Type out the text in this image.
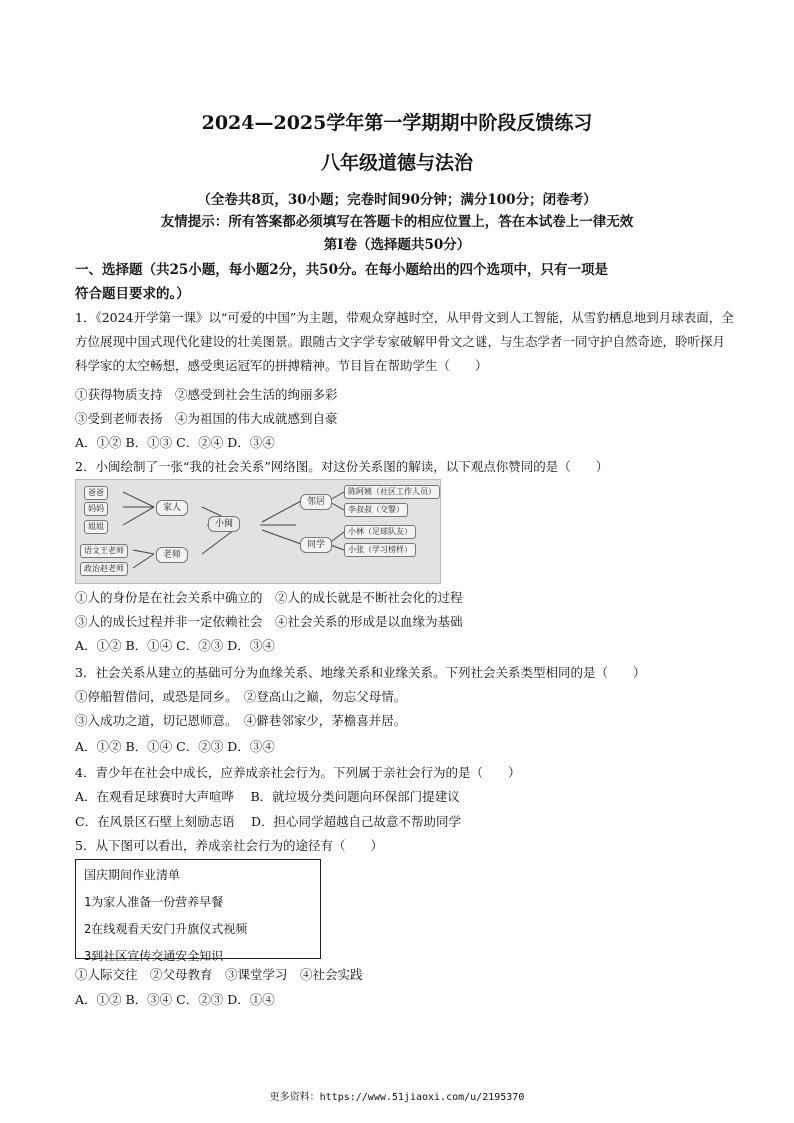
2024—2025学年第一学期期中阶段反馈练习
八年级道德与法治
（全卷共8页，30小题；完卷时间90分钟；满分100分；闭卷考）
友情提示：所有答案都必须填写在答题卡的相应位置上，答在本试卷上一律无效
第Ⅰ卷（选择题共50分）
一、选择题（共25小题，每小题2分，共50分。在每小题给出的四个选项中，只有一项是
符合题目要求的。）
1．《2024开学第一课》以“可爱的中国”为主题，带观众穿越时空，从甲骨文到人工智能，从雪豹栖息地到月球表面，全方位展现中国式现代化建设的壮美图景。跟随古文字学专家破解甲骨文之谜，与生态学者一同守护自然奇迹，聆听探月科学家的太空畅想，感受奥运冠军的拼搏精神。节目旨在帮助学生（　　）
①获得物质支持　②感受到社会生活的绚丽多彩
③受到老师表扬　④为祖国的伟大成就感到自豪
A．①② B．①③ C．②④ D．③④
2．小闽绘制了一张“我的社会关系”网络图。对这份关系图的解读，以下观点你赞同的是（　　）
爸爸
妈妈
姐姐
家人
小闽
语文王老师
政治赵老师
老师
邻居
陈阿姨（社区工作人员）
李叔叔（交警）
同学
小林（足球队友）
小张（学习榜样）
①人的身份是在社会关系中确立的　②人的成长就是不断社会化的过程
③人的成长过程并非一定依赖社会　④社会关系的形成是以血缘为基础
A．①② B．①④ C．②③ D．③④
3．社会关系从建立的基础可分为血缘关系、地缘关系和业缘关系。下列社会关系类型相同的是（　　）
①停船暂借问，或恐是同乡。　②登高山之巅，勿忘父母情。
③入成功之道，切记恩师意。　④僻巷邻家少，茅檐喜并居。
A．①② B．①④ C．②③ D．③④
4．青少年在社会中成长，应养成亲社会行为。下列属于亲社会行为的是（　　）
A．在观看足球赛时大声喧哗　 B．就垃圾分类问题向环保部门提建议
C．在风景区石壁上刻励志语　 D．担心同学超越自己故意不帮助同学
5．从下图可以看出，养成亲社会行为的途径有（　　）
国庆期间作业清单
1为家人准备一份营养早餐
2在线观看天安门升旗仪式视频
3到社区宣传交通安全知识
①人际交往　②父母教育　③课堂学习　④社会实践
A．①② B．③④ C．②③ D．①④
更多资料：https://www.51jiaoxi.com/u/2195370
